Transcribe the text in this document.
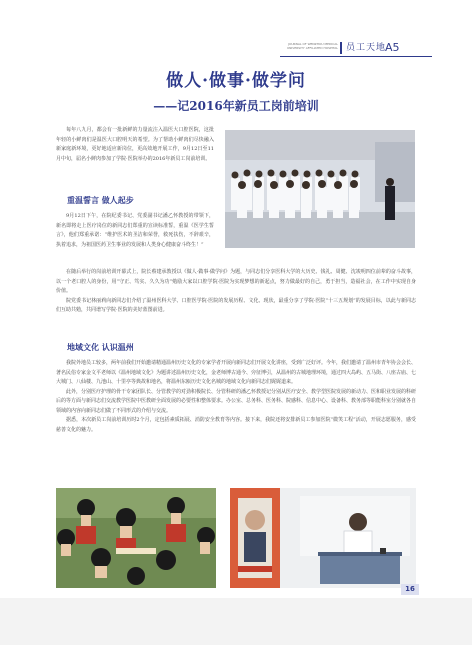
JOURNAL OF WENZHOU MEDICAL UNIVERSITY AFFILIATED HOSPITAL 员工天地
A5
做人·做事·做学问
——记2016年新员工岗前培训

每年八九月，都会有一批新鲜的力量流注入温医大口腔医院，这批年轻的小鲜肉们是温医大口腔明天的希望。为了帮助小鲜肉们尽快融入新家庭新环境，更好地适应新岗位，更高效地开展工作，9月12日至11月中旬，届名小鲜肉参加了学院·医院举办的2016年新员工岗前培训。

重温誓言 做人起步

9月12日下午，在院纪委书记、党委副书记潘乙怀教授的带领下，新名即将走上医疗岗位的新同志们郑重的宣读标准誓，重温《医学生誓言》，他们郑重承诺：“维护医术的圣洁和荣誉，救死扶伤，不辞艰辛，执着追求，为祖国医药卫生事业的发展和人类身心健康奋斗终生！”

在随后举行的岗前培训开幕式上，院长蔡建承教授以《做人·做事·做学问》为题，与同志们分享医科大学的大历史、钱礼、周健、沈竣明四位前辈的奋斗故事，以一个老口腔人的身份，用“守正、笃实、久久为功”勉励大家以口腔学院·医院为实现梦想的新起点，努力做最好的自己，勇于担当，造福社会，在工作中实现自身价值。

院党委书记林丽莉向新同志们介绍了温州医科大学、口腔医学院·医院的发展历程、文化、现状，最重分享了学院·医院“十三五规划”的发展目标，以此与新同志们互助共勉，共同谱写学院·医院的美好蓝图前进。

地域文化 认识温州

我院外地员工较多，两年前我们开始邀请精通温州历史文化的专家学者开展向新同志们开展文化讲座，受到广泛好评。今年，我们邀请了温州市青年协会会长、著名民俗专家金文平老师以《温州地域文化》为题讲述温州历史文化，金老师博古通今、旁征博引，从温州的古城地理环境，通过四大岛屿、五马街、八座古庙、七大城门、八仙楼、九池山、十里亭等典故和地名，将温州东瓯历史文化名城的地域文化向新同志们娓娓道来。

此外，分别医疗护理的骨干专家团队长、分管教学的对劲积极院长、分管科研的潘乙怀教授记分别从医疗安全、教学型医院发展的新动力、医和职业发展的科研后的等方面与新同志们交流教学医院中医教研全面发展的必要性和整体要求。办公室、总务科、医务科、院感科、信息中心、设备科、教务部等职能科室分别就各自领域的内容向新同志们做了不同形式的介绍与交流。

据悉，本次新员工岗前培训历时2个月，定包括素质拓展、消防安全教育等内容。接下来，我院还将安排新员工参加医院“微笑工程”活动，开展志愿服务，感受慈善文化的魅力。

16
